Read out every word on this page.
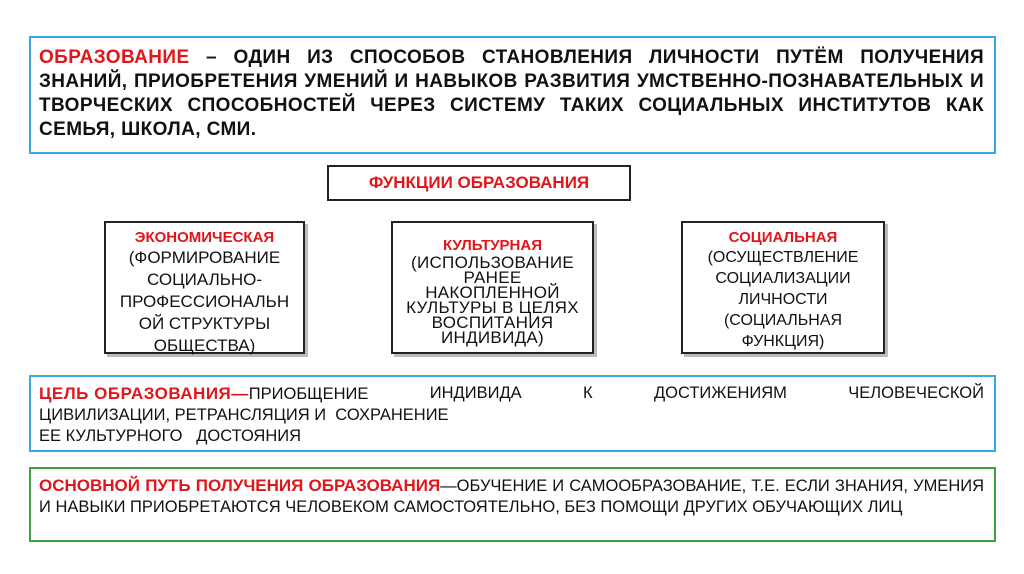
ОБРАЗОВАНИЕ – ОДИН ИЗ СПОСОБОВ СТАНОВЛЕНИЯ ЛИЧНОСТИ ПУТЁМ ПОЛУЧЕНИЯ ЗНАНИЙ, ПРИОБРЕТЕНИЯ УМЕНИЙ И НАВЫКОВ РАЗВИТИЯ УМСТВЕННО-ПОЗНАВАТЕЛЬНЫХ И ТВОРЧЕСКИХ СПОСОБНОСТЕЙ ЧЕРЕЗ СИСТЕМУ ТАКИХ СОЦИАЛЬНЫХ ИНСТИТУТОВ КАК СЕМЬЯ, ШКОЛА, СМИ.
ФУНКЦИИ ОБРАЗОВАНИЯ
ЭКОНОМИЧЕСКАЯ
(ФОРМИРОВАНИЕ
СОЦИАЛЬНО-
ПРОФЕССИОНАЛЬН
ОЙ СТРУКТУРЫ
ОБЩЕСТВА)
КУЛЬТУРНАЯ
(ИСПОЛЬЗОВАНИЕ
РАНЕЕ
НАКОПЛЕННОЙ
КУЛЬТУРЫ В ЦЕЛЯХ
ВОСПИТАНИЯ
ИНДИВИДА)
СОЦИАЛЬНАЯ
(ОСУЩЕСТВЛЕНИЕ
СОЦИАЛИЗАЦИИ
ЛИЧНОСТИ
(СОЦИАЛЬНАЯ
ФУНКЦИЯ)
ЦЕЛЬ ОБРАЗОВАНИЯ—ПРИОБЩЕНИЕ	ИНДИВИДА	К	ДОСТИЖЕНИЯМ	ЧЕЛОВЕЧЕСКОЙ
ЦИВИЛИЗАЦИИ, РЕТРАНСЛЯЦИЯ И  СОХРАНЕНИЕ
ЕЕ КУЛЬТУРНОГО   ДОСТОЯНИЯ
ОСНОВНОЙ ПУТЬ ПОЛУЧЕНИЯ ОБРАЗОВАНИЯ—ОБУЧЕНИЕ И САМООБРАЗОВАНИЕ, Т.Е. ЕСЛИ ЗНАНИЯ, УМЕНИЯ И НАВЫКИ ПРИОБРЕТАЮТСЯ ЧЕЛОВЕКОМ САМОСТОЯТЕЛЬНО, БЕЗ ПОМОЩИ ДРУГИХ ОБУЧАЮЩИХ ЛИЦ
